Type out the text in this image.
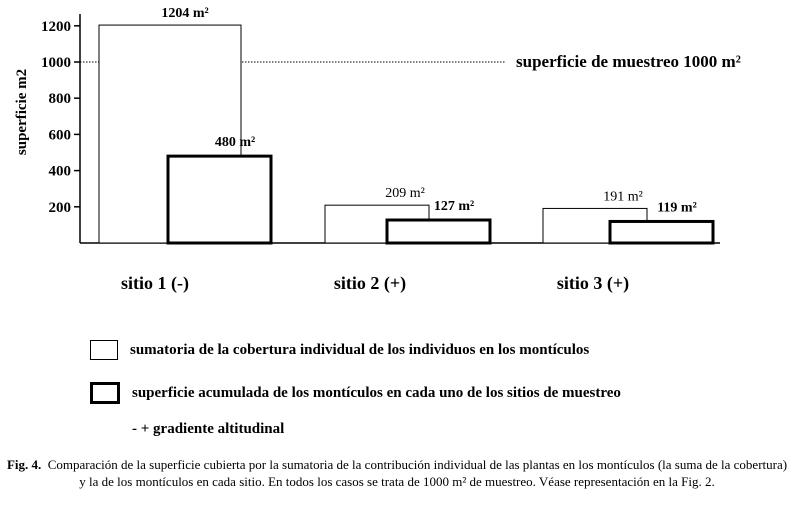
200
400
600
800
1000
1200
superficie m2
superficie de muestreo 1000 m²
1204 m²
480 m²
sitio 1 (-)
209 m²
127 m²
sitio 2 (+)
191 m²
119 m²
sitio 3 (+)
sumatoria de la cobertura individual de los individuos en los montículos
superficie acumulada de los montículos en cada uno de los sitios de muestreo
- + gradiente altitudinal
Fig. 4. Comparación de la superficie cubierta por la sumatoria de la contribución individual de las plantas en los montículos (la suma de la cobertura) y la de los montículos en cada sitio. En todos los casos se trata de 1000 m² de muestreo. Véase representación en la Fig. 2.
